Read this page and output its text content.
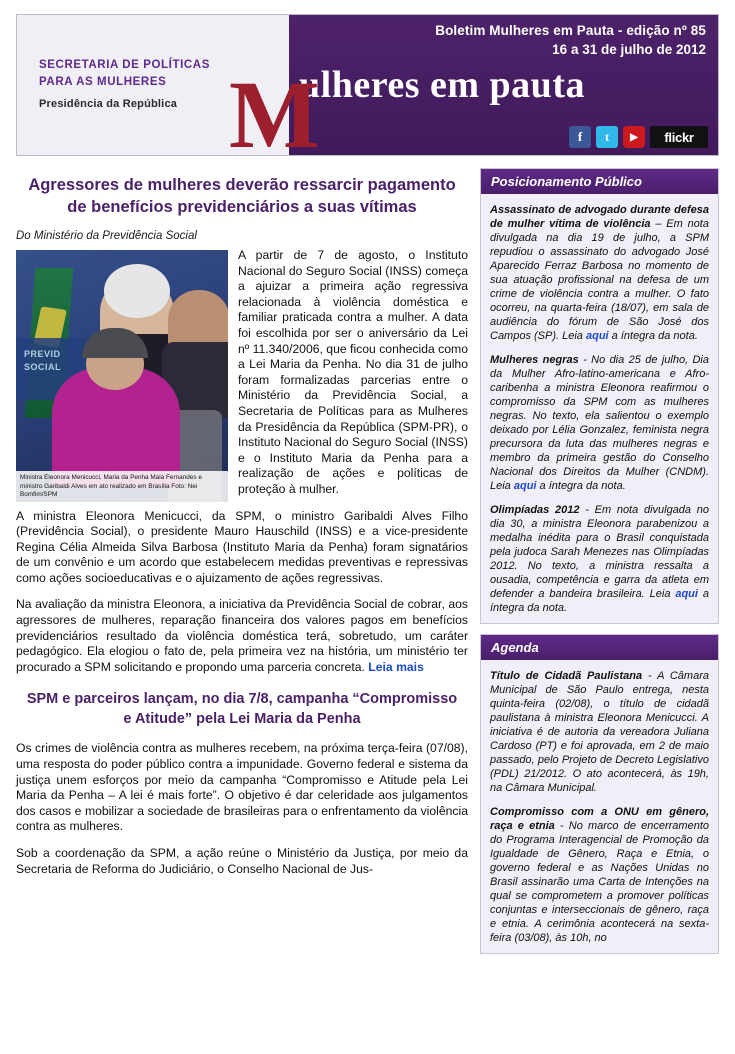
SECRETARIA DE POLÍTICAS
PARA AS MULHERES
Presidência da República
Boletim Mulheres em Pauta - edição nº 85
16 a 31 de julho de 2012
ulheres em pauta
f	t	▶	flickr
M
Agressores de mulheres deverão ressarcir pagamento de benefícios previdenciários a suas vítimas
Do Ministério da Previdência Social
PREVID SOCIAL
Ministra Eleonora Menicucci, Maria da Penha Maia Fernandes e ministro Garibaldi Alves em ato realizado em Brasília Foto: Nei Bomfim/SPM

A partir de 7 de agosto, o Instituto Nacional do Seguro Social (INSS) começa a ajuizar a primeira ação regressiva relacionada à violência doméstica e familiar praticada contra a mulher. A data foi escolhida por ser o aniversário da Lei nº 11.340/2006, que ficou conhecida como a Lei Maria da Penha. No dia 31 de julho foram formalizadas parcerias entre o Ministério da Previdência Social, a Secretaria de Políticas para as Mulheres da Presidência da República (SPM-PR), o Instituto Nacional do Seguro Social (INSS) e o Instituto Maria da Penha para a realização de ações e políticas de proteção à mulher.

A ministra Eleonora Menicucci, da SPM, o ministro Garibaldi Alves Filho (Previdência Social), o presidente Mauro Hauschild (INSS) e a vice-presidente Regina Célia Almeida Silva Barbosa (Instituto Maria da Penha) foram signatários de um convênio e um acordo que estabelecem medidas preventivas e repressivas como ações socioeducativas e o ajuizamento de ações regressivas.

Na avaliação da ministra Eleonora, a iniciativa da Previdência Social de cobrar, aos agressores de mulheres, reparação financeira dos valores pagos em benefícios previdenciários resultado da violência doméstica terá, sobretudo, um caráter pedagógico. Ela elogiou o fato de, pela primeira vez na história, um ministério ter procurado a SPM solicitando e propondo uma parceria concreta. Leia mais

SPM e parceiros lançam, no dia 7/8, campanha “Compromisso e Atitude” pela Lei Maria da Penha

Os crimes de violência contra as mulheres recebem, na próxima terça-feira (07/08), uma resposta do poder público contra a impunidade. Governo federal e sistema da justiça unem esforços por meio da campanha “Compromisso e Atitude pela Lei Maria da Penha – A lei é mais forte”. O objetivo é dar celeridade aos julgamentos dos casos e mobilizar a sociedade de brasileiras para o enfrentamento da violência contra as mulheres.

Sob a coordenação da SPM, a ação reúne o Ministério da Justiça, por meio da Secretaria de Reforma do Judiciário, o Conselho Nacional de Jus-

Posicionamento Público

Assassinato de advogado durante defesa de mulher vítima de violência – Em nota divulgada na dia 19 de julho, a SPM repudiou o assassinato do advogado José Aparecido Ferraz Barbosa no momento de sua atuação profissional na defesa de um crime de violência contra a mulher. O fato ocorreu, na quarta-feira (18/07), em sala de audiência do fórum de São José dos Campos (SP). Leia aqui a íntegra da nota.

Mulheres negras - No dia 25 de julho, Dia da Mulher Afro-latino-americana e Afro-caribenha a ministra Eleonora reafirmou o compromisso da SPM com as mulheres negras. No texto, ela salientou o exemplo deixado por Lélia Gonzalez, feminista negra precursora da luta das mulheres negras e membro da primeira gestão do Conselho Nacional dos Direitos da Mulher (CNDM). Leia aqui a íntegra da nota.

Olimpíadas 2012 - Em nota divulgada no dia 30, a ministra Eleonora parabenizou a medalha inédita para o Brasil conquistada pela judoca Sarah Menezes nas Olimpíadas 2012. No texto, a ministra ressalta a ousadia, competência e garra da atleta em defender a bandeira brasileira. Leia aqui a íntegra da nota.

Agenda

Título de Cidadã Paulistana - A Câmara Municipal de São Paulo entrega, nesta quinta-feira (02/08), o título de cidadã paulistana à ministra Eleonora Menicucci. A iniciativa é de autoria da vereadora Juliana Cardoso (PT) e foi aprovada, em 2 de maio passado, pelo Projeto de Decreto Legislativo (PDL) 21/2012. O ato acontecerá, às 19h, na Câmara Municipal.

Compromisso com a ONU em gênero, raça e etnia - No marco de encerramento do Programa Interagencial de Promoção da Igualdade de Gênero, Raça e Etnia, o governo federal e as Nações Unidas no Brasil assinarão uma Carta de Intenções na qual se comprometem a promover políticas conjuntas e interseccionais de gênero, raça e etnia. A cerimônia acontecerá na sexta-feira (03/08), às 10h, no
